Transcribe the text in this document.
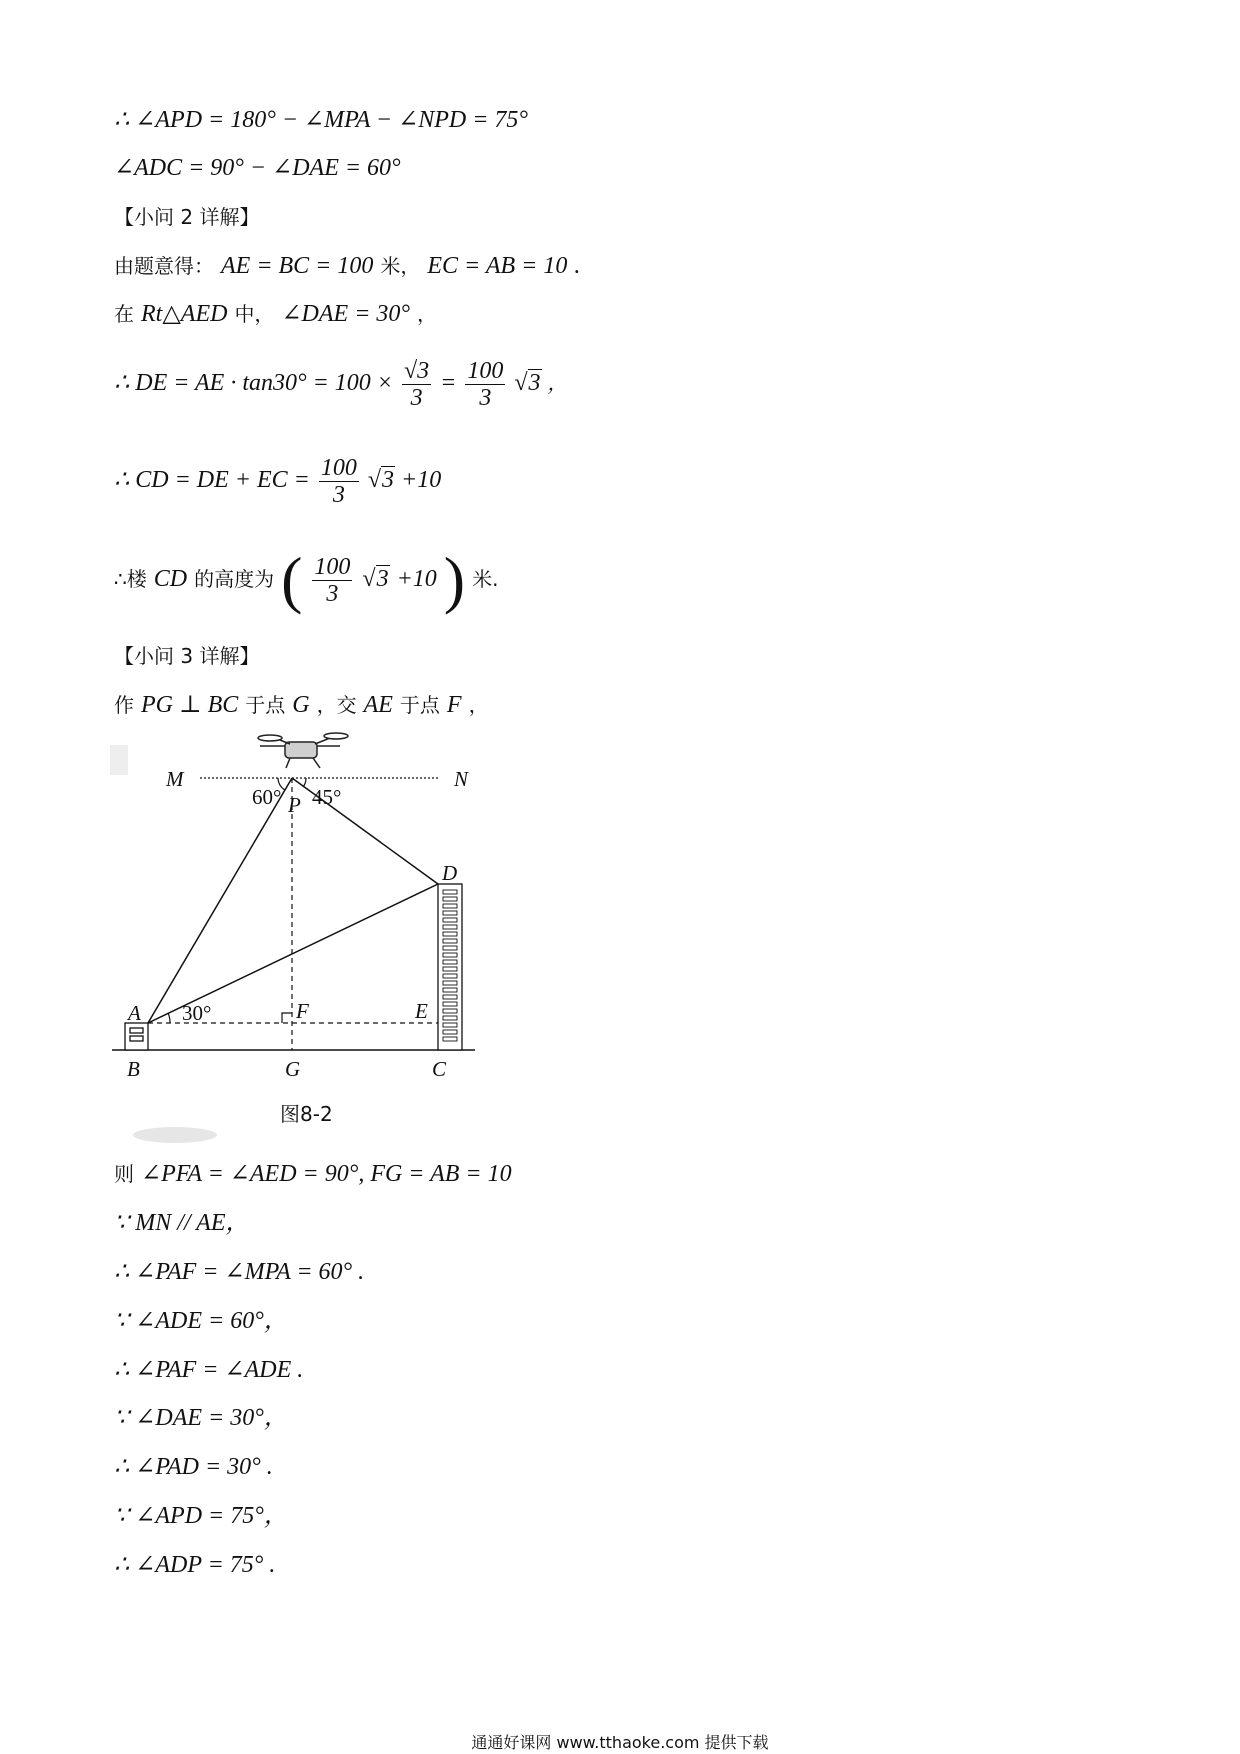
∴ ∠APD = 180° − ∠MPA − ∠NPD = 75°
∠ADC = 90° − ∠DAE = 60°
【小问 2 详解】
由题意得： AE = BC = 100 米， EC = AB = 10 .
在 Rt△AED 中， ∠DAE = 30° ，
∴ DE = AE · $\tan 30^\circ = 100 \times \frac{√3}{3} = \frac{100}{3} √3$ ，
∴ CD = DE + EC = $\frac{100}{3} √3 +10$
∴楼 CD 的高度为 ( $\frac{100}{3} √3 +10$ ) 米.
【小问 3 详解】
作 PG ⊥ BC 于点 G ，交 AE 于点 F ，
M	N
P
D
A	F	E
B	G	C
60° 45°
30°
图8-2
则 ∠PFA = ∠AED = 90°, FG = AB = 10
∵ MN // AE，
∴ ∠PAF = ∠MPA = 60° .
∵ ∠ADE = 60°，
∴ ∠PAF = ∠ADE .
∵ ∠DAE = 30°，
∴ ∠PAD = 30° .
∵ ∠APD = 75°，
∴ ∠ADP = 75° .
通通好课网 www.tthaoke.com 提供下载
